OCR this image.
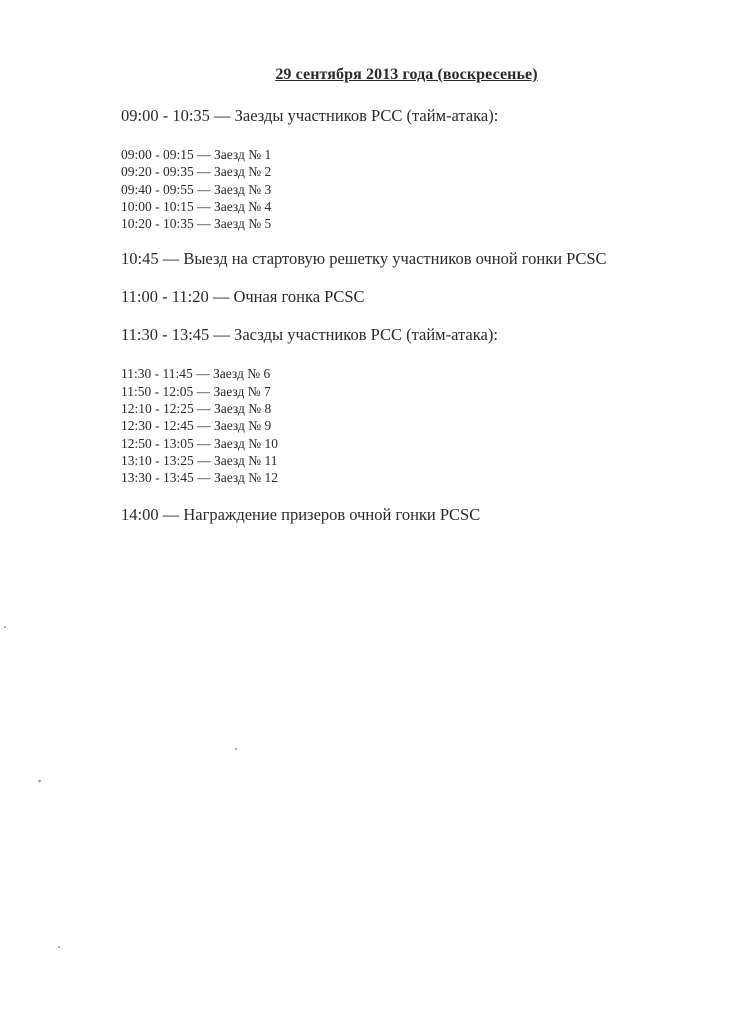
29 сентября 2013 года (воскресенье)

09:00 - 10:35 — Заезды участников РСС (тайм-атака):

09:00 - 09:15 — Заезд № 1
09:20 - 09:35 — Заезд № 2
09:40 - 09:55 — Заезд № 3
10:00 - 10:15 — Заезд № 4
10:20 - 10:35 — Заезд № 5

10:45 — Выезд на стартовую решетку участников очной гонки PCSC

11:00 - 11:20 — Очная гонка PCSC

11:30 - 13:45 — Засзды участников РСС (тайм-атака):

11:30 - 11:45 — Заезд № 6
11:50 - 12:05 — Заезд № 7
12:10 - 12:25 — Заезд № 8
12:30 - 12:45 — Заезд № 9
12:50 - 13:05 — Заезд № 10
13:10 - 13:25 — Заезд № 11
13:30 - 13:45 — Заезд № 12

14:00 — Награждение призеров очной гонки PCSC
